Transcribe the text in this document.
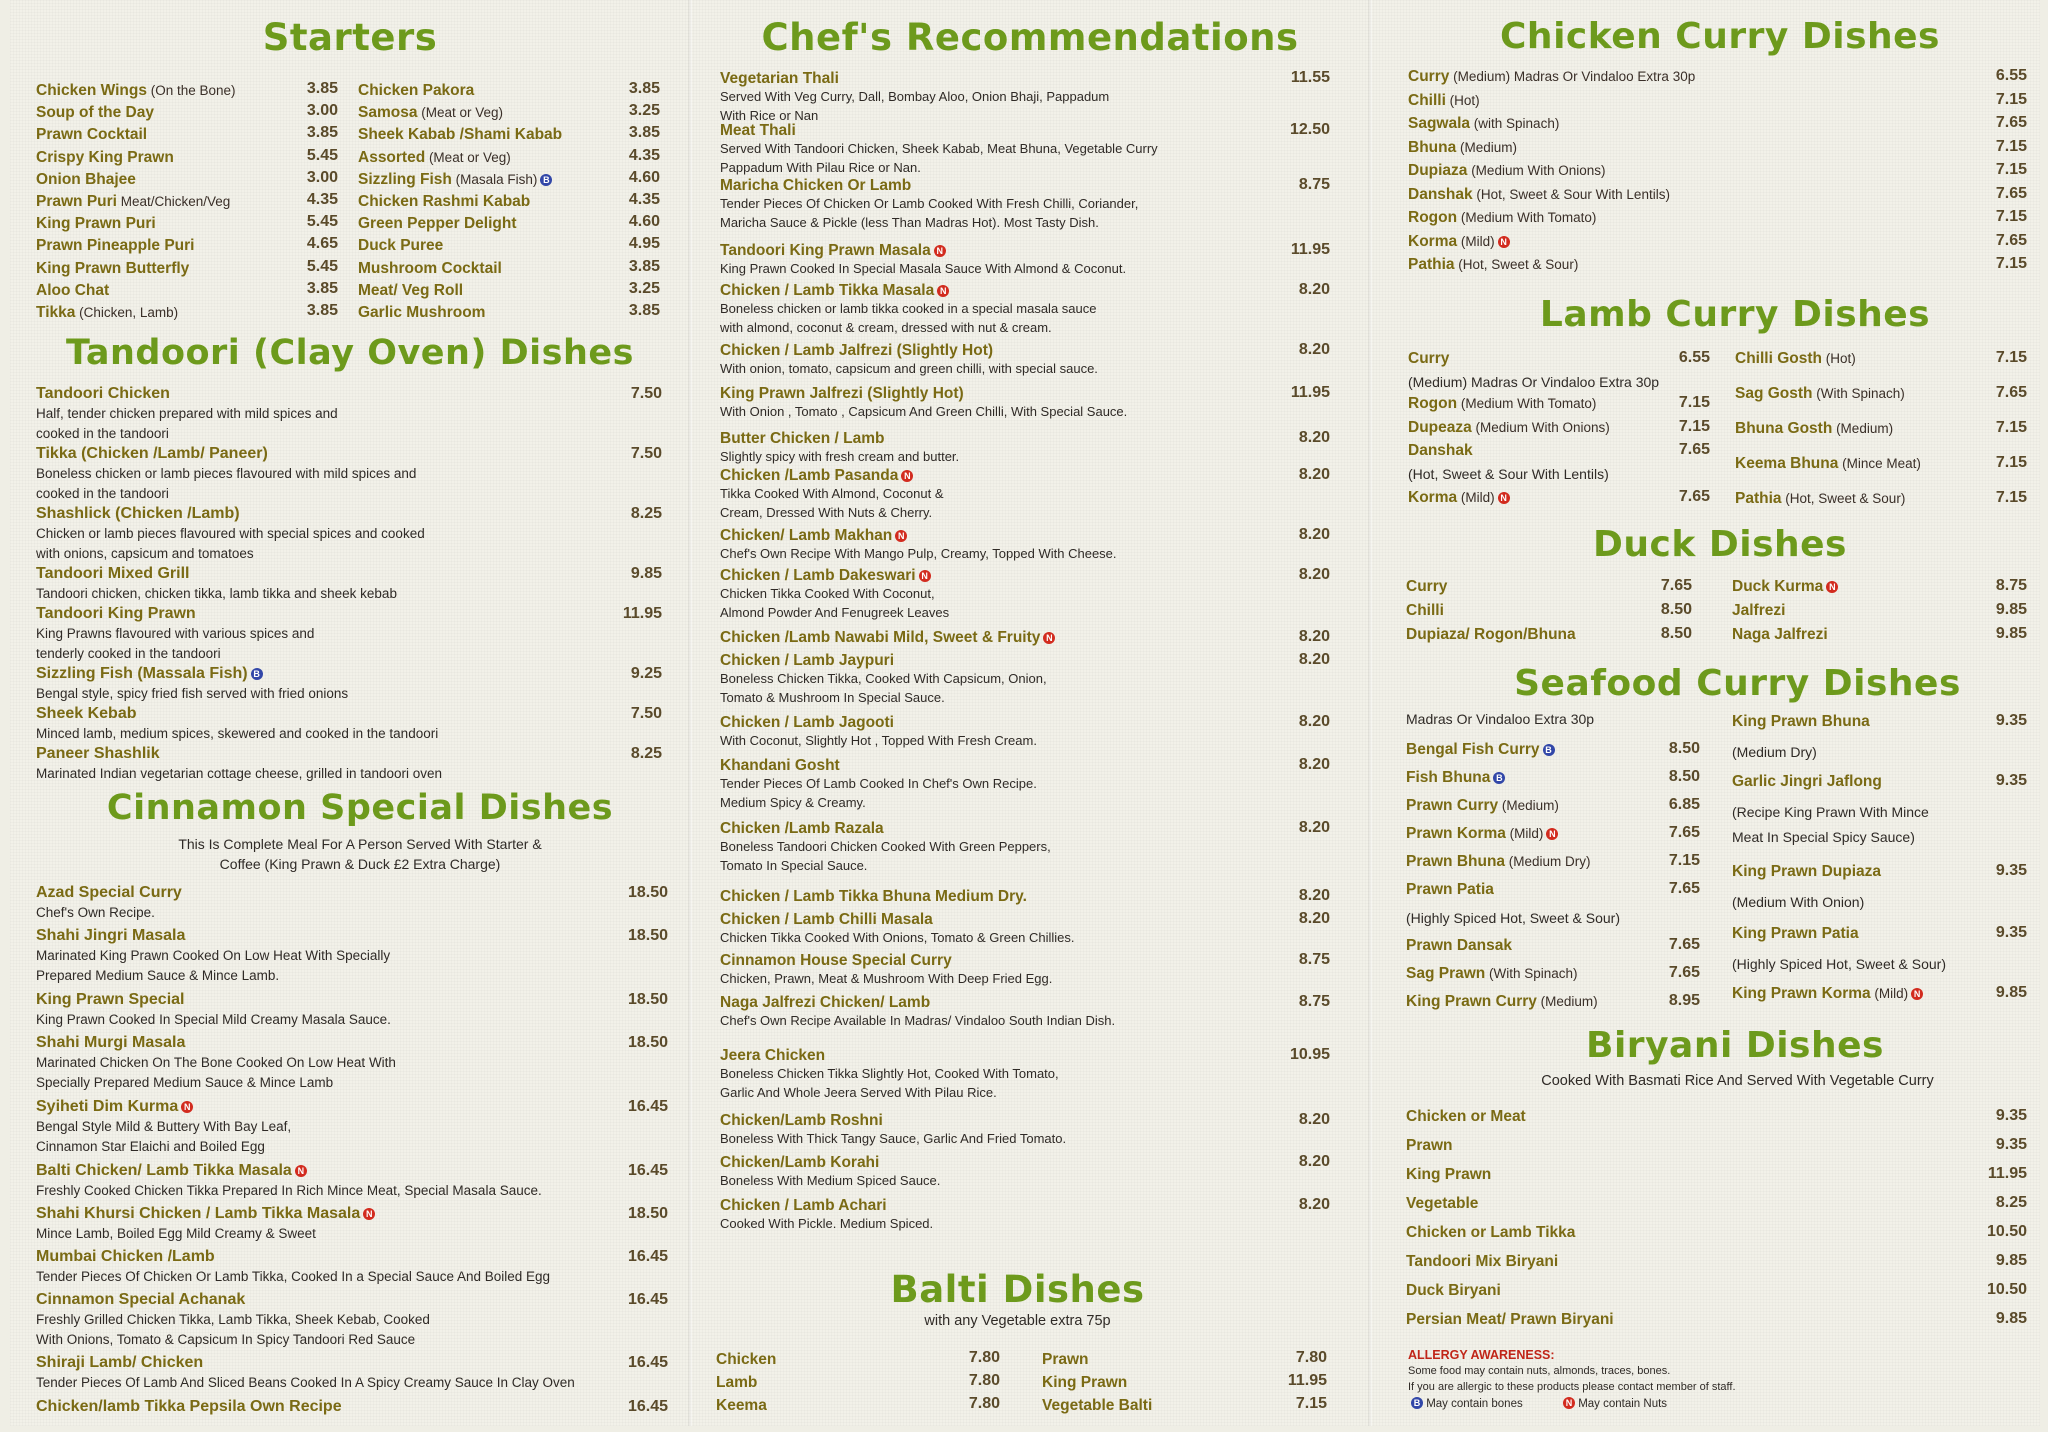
Starters
Tandoori (Clay Oven) Dishes
Cinnamon Special Dishes
Chef's Recommendations
Balti Dishes
with any Vegetable extra 75p
Chicken Curry Dishes
Lamb Curry Dishes
Duck Dishes
Seafood Curry Dishes
Biryani Dishes
Cooked With Basmati Rice And Served With Vegetable Curry
Chicken Wings (On the Bone)	3.85
Soup of the Day	3.00
Prawn Cocktail	3.85
Crispy King Prawn	5.45
Onion Bhajee	3.00
Prawn Puri Meat/Chicken/Veg	4.35
King Prawn Puri	5.45
Prawn Pineapple Puri	4.65
King Prawn Butterfly	5.45
Aloo Chat	3.85
Tikka (Chicken, Lamb)	3.85
Chicken Pakora	3.85
Samosa (Meat or Veg)	3.25
Sheek Kabab /Shami Kabab	3.85
Assorted (Meat or Veg)	4.35
Sizzling Fish (Masala Fish) B	4.60
Chicken Rashmi Kabab	4.35
Green Pepper Delight	4.60
Duck Puree	4.95
Mushroom Cocktail	3.85
Meat/ Veg Roll	3.25
Garlic Mushroom	3.85
Tandoori Chicken	7.50
Half, tender chicken prepared with mild spices and
cooked in the tandoori
Tikka (Chicken /Lamb/ Paneer)	7.50
Boneless chicken or lamb pieces flavoured with mild spices and
cooked in the tandoori
Shashlick (Chicken /Lamb)	8.25
Chicken or lamb pieces flavoured with special spices and cooked
with onions, capsicum and tomatoes
Tandoori Mixed Grill	9.85
Tandoori chicken, chicken tikka, lamb tikka and sheek kebab
Tandoori King Prawn	11.95
King Prawns flavoured with various spices and
tenderly cooked in the tandoori
Sizzling Fish (Massala Fish) B	9.25
Bengal style, spicy fried fish served with fried onions
Sheek Kebab	7.50
Minced lamb, medium spices, skewered and cooked in the tandoori
Paneer Shashlik	8.25
Marinated Indian vegetarian cottage cheese, grilled in tandoori oven
This Is Complete Meal For A Person Served With Starter &
Coffee (King Prawn & Duck £2 Extra Charge)
Azad Special Curry	18.50
Chef's Own Recipe.
Shahi Jingri Masala	18.50
Marinated King Prawn Cooked On Low Heat With Specially
Prepared Medium Sauce & Mince Lamb.
King Prawn Special	18.50
King Prawn Cooked In Special Mild Creamy Masala Sauce.
Shahi Murgi Masala	18.50
Marinated Chicken On The Bone Cooked On Low Heat With
Specially Prepared Medium Sauce & Mince Lamb
Syiheti Dim Kurma N	16.45
Bengal Style Mild & Buttery With Bay Leaf,
Cinnamon Star Elaichi and Boiled Egg
Balti Chicken/ Lamb Tikka Masala N	16.45
Freshly Cooked Chicken Tikka Prepared In Rich Mince Meat, Special Masala Sauce.
Shahi Khursi Chicken / Lamb Tikka Masala N	18.50
Mince Lamb, Boiled Egg Mild Creamy & Sweet
Mumbai Chicken /Lamb	16.45
Tender Pieces Of Chicken Or Lamb Tikka, Cooked In a Special Sauce And Boiled Egg
Cinnamon Special Achanak	16.45
Freshly Grilled Chicken Tikka, Lamb Tikka, Sheek Kebab, Cooked
With Onions, Tomato & Capsicum In Spicy Tandoori Red Sauce
Shiraji Lamb/ Chicken	16.45
Tender Pieces Of Lamb And Sliced Beans Cooked In A Spicy Creamy Sauce In Clay Oven
Chicken/lamb Tikka Pepsila Own Recipe	16.45
Vegetarian Thali	11.55
Served With Veg Curry, Dall, Bombay Aloo, Onion Bhaji, Pappadum
With Rice or Nan
Meat Thali	12.50
Served With Tandoori Chicken, Sheek Kabab, Meat Bhuna, Vegetable Curry
Pappadum With Pilau Rice or Nan.
Maricha Chicken Or Lamb	8.75
Tender Pieces Of Chicken Or Lamb Cooked With Fresh Chilli, Coriander,
Maricha Sauce & Pickle (less Than Madras Hot). Most Tasty Dish.
Tandoori King Prawn Masala N	11.95
King Prawn Cooked In Special Masala Sauce With Almond & Coconut.
Chicken / Lamb Tikka Masala N	8.20
Boneless chicken or lamb tikka cooked in a special masala sauce
with almond, coconut & cream, dressed with nut & cream.
Chicken / Lamb Jalfrezi (Slightly Hot)	8.20
With onion, tomato, capsicum and green chilli, with special sauce.
King Prawn Jalfrezi (Slightly Hot)	11.95
With Onion , Tomato , Capsicum And Green Chilli, With Special Sauce.
Butter Chicken / Lamb	8.20
Slightly spicy with fresh cream and butter.
Chicken /Lamb Pasanda N	8.20
Tikka Cooked With Almond, Coconut &
Cream, Dressed With Nuts & Cherry.
Chicken/ Lamb Makhan N	8.20
Chef's Own Recipe With Mango Pulp, Creamy, Topped With Cheese.
Chicken / Lamb Dakeswari N	8.20
Chicken Tikka Cooked With Coconut,
Almond Powder And Fenugreek Leaves
Chicken /Lamb Nawabi Mild, Sweet & Fruity N	8.20
Chicken / Lamb Jaypuri	8.20
Boneless Chicken Tikka, Cooked With Capsicum, Onion,
Tomato & Mushroom In Special Sauce.
Chicken / Lamb Jagooti	8.20
With Coconut, Slightly Hot , Topped With Fresh Cream.
Khandani Gosht	8.20
Tender Pieces Of Lamb Cooked In Chef's Own Recipe.
Medium Spicy & Creamy.
Chicken /Lamb Razala	8.20
Boneless Tandoori Chicken Cooked With Green Peppers,
Tomato In Special Sauce.
Chicken / Lamb Tikka Bhuna Medium Dry.	8.20
Chicken / Lamb Chilli Masala	8.20
Chicken Tikka Cooked With Onions, Tomato & Green Chillies.
Cinnamon House Special Curry	8.75
Chicken, Prawn, Meat & Mushroom With Deep Fried Egg.
Naga Jalfrezi Chicken/ Lamb	8.75
Chef's Own Recipe Available In Madras/ Vindaloo South Indian Dish.
Jeera Chicken	10.95
Boneless Chicken Tikka Slightly Hot, Cooked With Tomato,
Garlic And Whole Jeera Served With Pilau Rice.
Chicken/Lamb Roshni	8.20
Boneless With Thick Tangy Sauce, Garlic And Fried Tomato.
Chicken/Lamb Korahi	8.20
Boneless With Medium Spiced Sauce.
Chicken / Lamb Achari	8.20
Cooked With Pickle. Medium Spiced.
Chicken	7.80
Lamb	7.80
Keema	7.80
Prawn	7.80
King Prawn	11.95
Vegetable Balti	7.15
Curry (Medium) Madras Or Vindaloo Extra 30p	6.55
Chilli (Hot)	7.15
Sagwala (with Spinach)	7.65
Bhuna (Medium)	7.15
Dupiaza (Medium With Onions)	7.15
Danshak (Hot, Sweet & Sour With Lentils)	7.65
Rogon (Medium With Tomato)	7.15
Korma (Mild) N	7.65
Pathia (Hot, Sweet & Sour)	7.15
Curry	6.55
(Medium) Madras Or Vindaloo Extra 30p
Rogon (Medium With Tomato)	7.15
Dupeaza (Medium With Onions)	7.15
Danshak	7.65
(Hot, Sweet & Sour With Lentils)
Korma (Mild) N	7.65
Chilli Gosth (Hot)	7.15
Sag Gosth (With Spinach)	7.65
Bhuna Gosth (Medium)	7.15
Keema Bhuna (Mince Meat)	7.15
Pathia (Hot, Sweet & Sour)	7.15
Curry	7.65
Chilli	8.50
Dupiaza/ Rogon/Bhuna	8.50
Duck Kurma N	8.75
Jalfrezi	9.85
Naga Jalfrezi	9.85
Madras Or Vindaloo Extra 30p
Bengal Fish Curry B	8.50
Fish Bhuna B	8.50
Prawn Curry (Medium)	6.85
Prawn Korma (Mild) N	7.65
Prawn Bhuna (Medium Dry)	7.15
Prawn Patia	7.65
(Highly Spiced Hot, Sweet & Sour)
Prawn Dansak	7.65
Sag Prawn (With Spinach)	7.65
King Prawn Curry (Medium)	8.95
King Prawn Bhuna	9.35
(Medium Dry)
Garlic Jingri Jaflong	9.35
(Recipe King Prawn With Mince
Meat In Special Spicy Sauce)
King Prawn Dupiaza	9.35
(Medium With Onion)
King Prawn Patia	9.35
(Highly Spiced Hot, Sweet & Sour)
King Prawn Korma (Mild) N	9.85
Chicken or Meat	9.35
Prawn	9.35
King Prawn	11.95
Vegetable	8.25
Chicken or Lamb Tikka	10.50
Tandoori Mix Biryani	9.85
Duck Biryani	10.50
Persian Meat/ Prawn Biryani	9.85
ALLERGY AWARENESS:
Some food may contain nuts, almonds, traces, bones.
If you are allergic to these products please contact member of staff.
B May contain bones	N May contain Nuts
